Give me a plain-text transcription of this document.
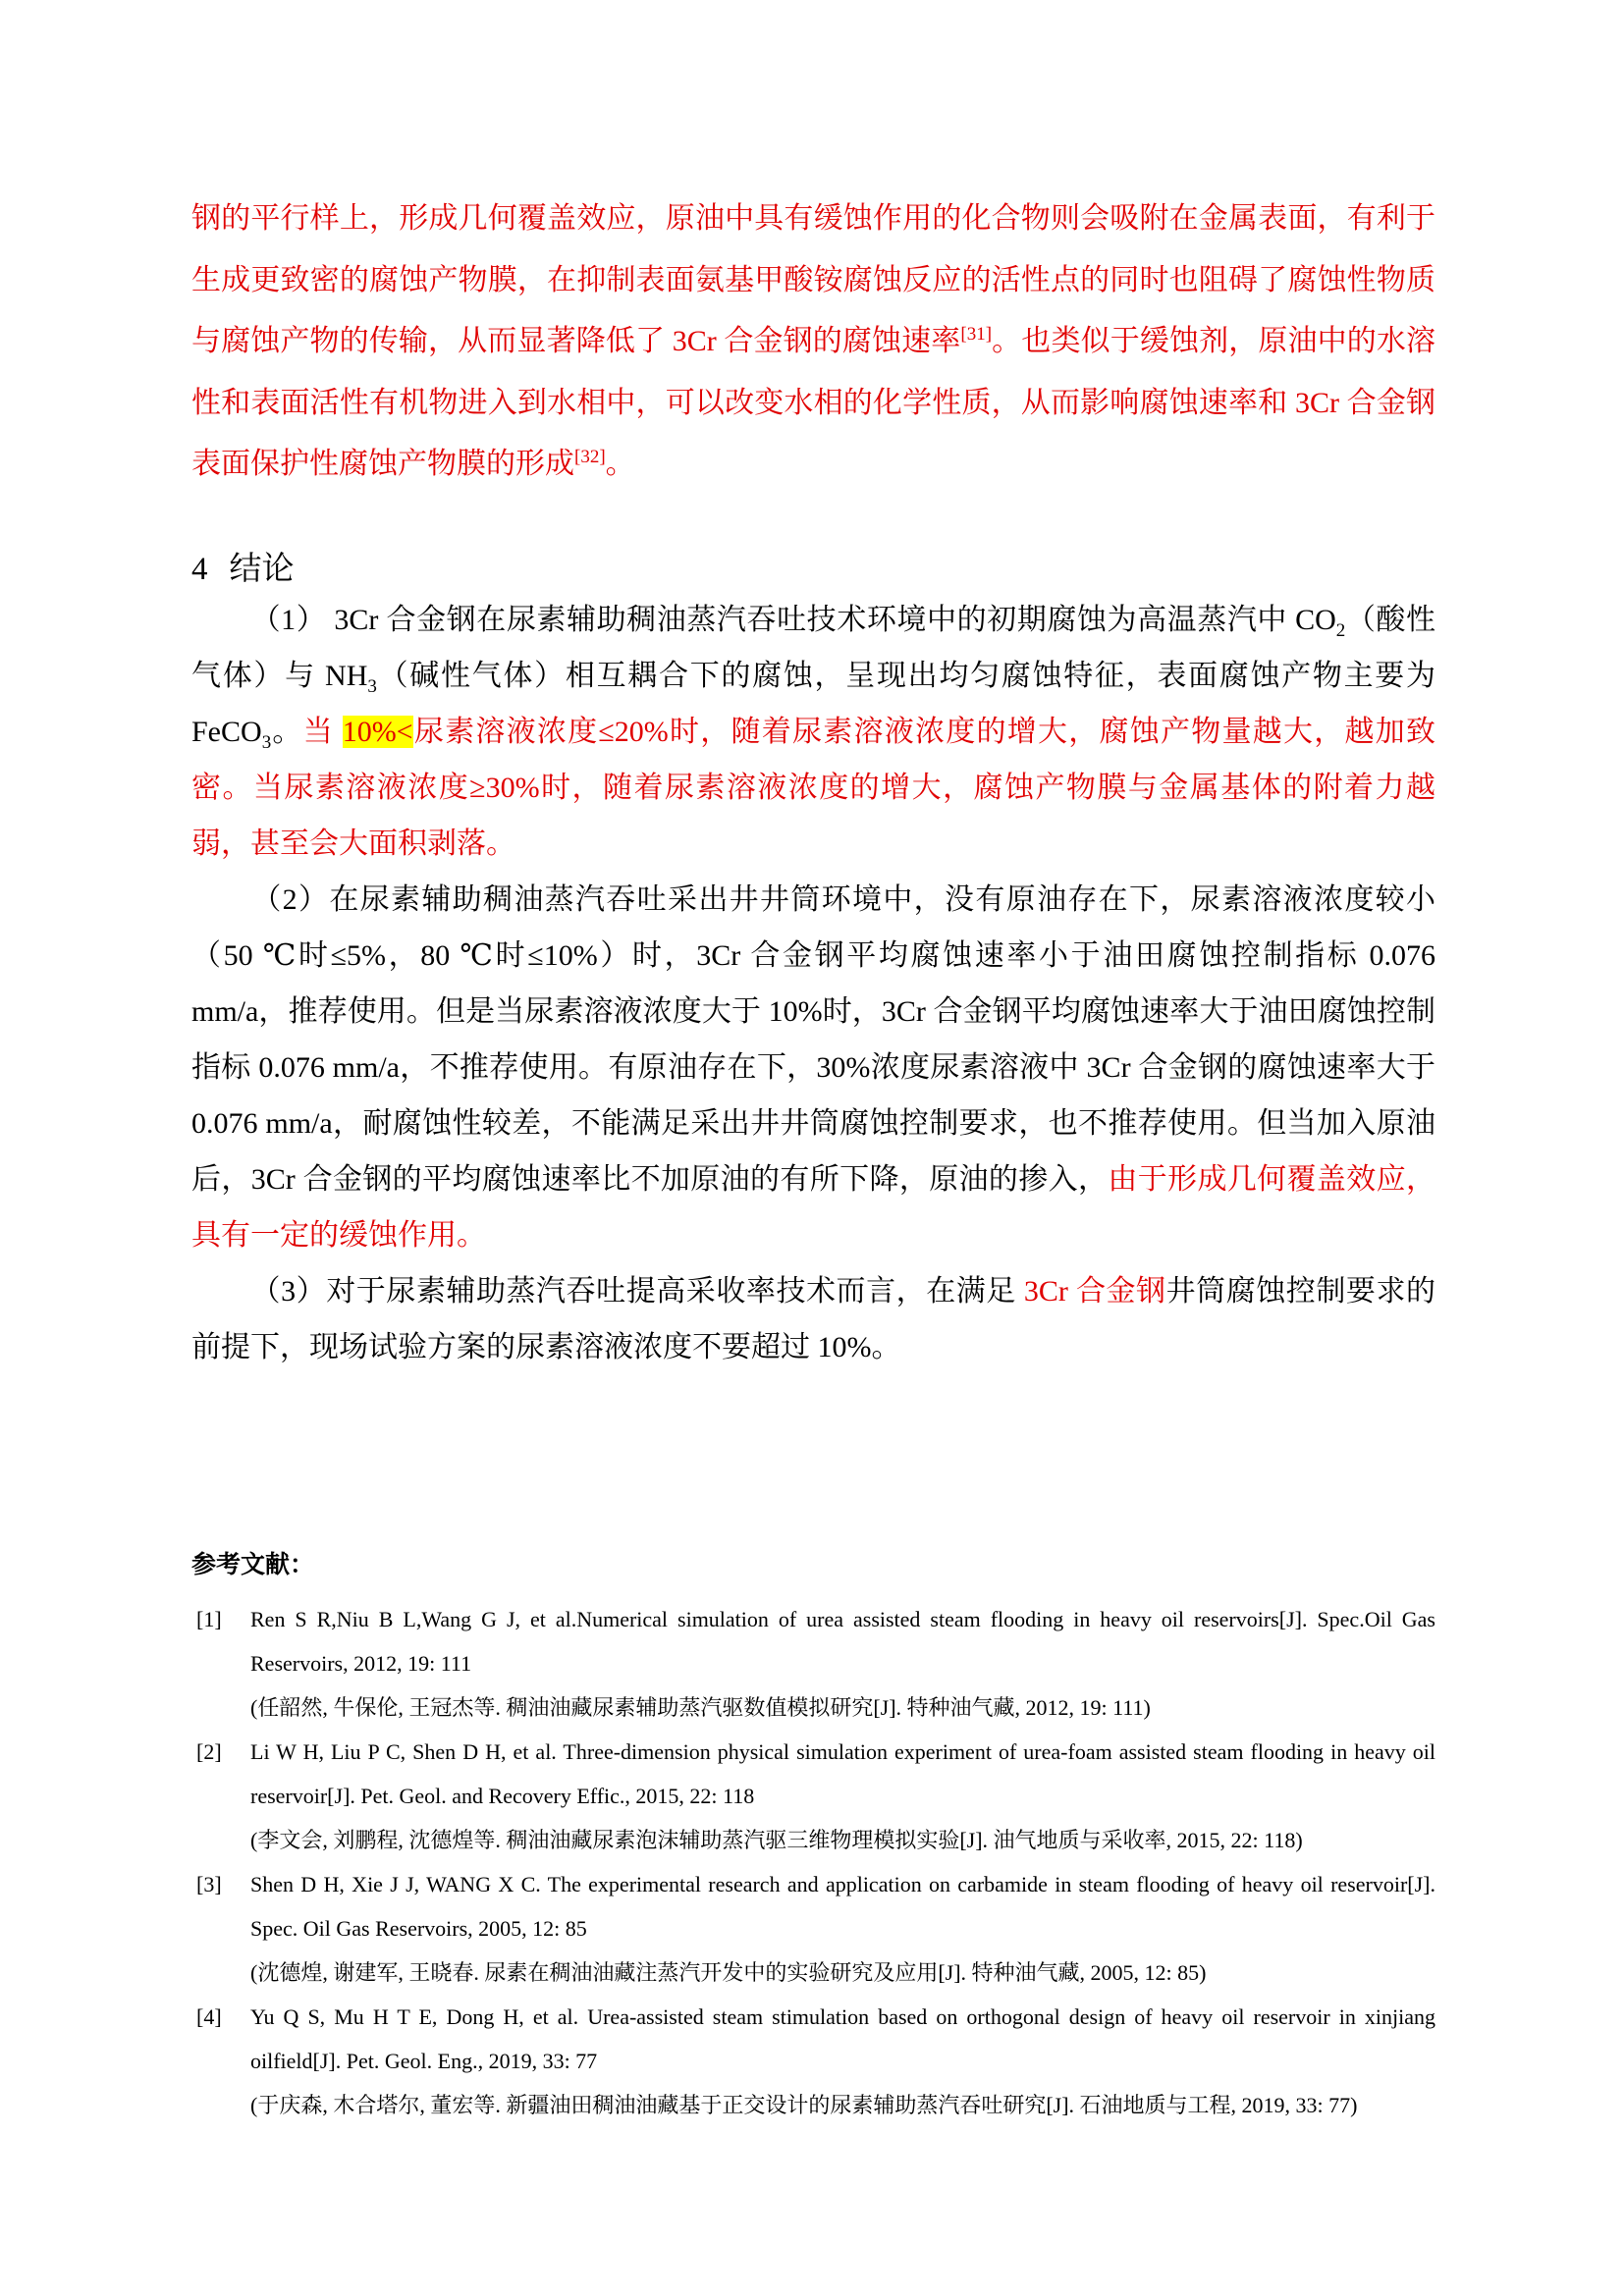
钢的平行样上，形成几何覆盖效应，原油中具有缓蚀作用的化合物则会吸附在金属表面，有利于生成更致密的腐蚀产物膜，在抑制表面氨基甲酸铵腐蚀反应的活性点的同时也阻碍了腐蚀性物质与腐蚀产物的传输，从而显著降低了 3Cr 合金钢的腐蚀速率[31]。也类似于缓蚀剂，原油中的水溶性和表面活性有机物进入到水相中，可以改变水相的化学性质，从而影响腐蚀速率和 3Cr 合金钢表面保护性腐蚀产物膜的形成[32]。

4 结论

（1） 3Cr 合金钢在尿素辅助稠油蒸汽吞吐技术环境中的初期腐蚀为高温蒸汽中 $CO_2$（酸性气体）与 $NH_3$（碱性气体）相互耦合下的腐蚀，呈现出均匀腐蚀特征，表面腐蚀产物主要为 FeCO$_3$。当 10%<尿素溶液浓度≤20%时，随着尿素溶液浓度的增大，腐蚀产物量越大，越加致密。当尿素溶液浓度≥30%时，随着尿素溶液浓度的增大，腐蚀产物膜与金属基体的附着力越弱，甚至会大面积剥落。

（2）在尿素辅助稠油蒸汽吞吐采出井井筒环境中，没有原油存在下，尿素溶液浓度较小（50 ℃时≤5%，80 ℃时≤10%）时，3Cr 合金钢平均腐蚀速率小于油田腐蚀控制指标 0.076 mm/a，推荐使用。但是当尿素溶液浓度大于 10%时，3Cr 合金钢平均腐蚀速率大于油田腐蚀控制指标 0.076 mm/a，不推荐使用。有原油存在下，30%浓度尿素溶液中 3Cr 合金钢的腐蚀速率大于 0.076 mm/a，耐腐蚀性较差，不能满足采出井井筒腐蚀控制要求，也不推荐使用。但当加入原油后，3Cr 合金钢的平均腐蚀速率比不加原油的有所下降，原油的掺入，由于形成几何覆盖效应，具有一定的缓蚀作用。

（3）对于尿素辅助蒸汽吞吐提高采收率技术而言，在满足 3Cr 合金钢井筒腐蚀控制要求的前提下，现场试验方案的尿素溶液浓度不要超过 10%。

参考文献：
[1] Ren S R,Niu B L,Wang G J, et al.Numerical simulation of urea assisted steam flooding in heavy oil reservoirs[J]. Spec.Oil Gas Reservoirs, 2012, 19: 111
(任韶然, 牛保伦, 王冠杰等. 稠油油藏尿素辅助蒸汽驱数值模拟研究[J]. 特种油气藏, 2012, 19: 111)
[2] Li W H, Liu P C, Shen D H, et al. Three-dimension physical simulation experiment of urea-foam assisted steam flooding in heavy oil reservoir[J]. Pet. Geol. and Recovery Effic., 2015, 22: 118
(李文会, 刘鹏程, 沈德煌等. 稠油油藏尿素泡沫辅助蒸汽驱三维物理模拟实验[J]. 油气地质与采收率, 2015, 22: 118)
[3] Shen D H, Xie J J, WANG X C. The experimental research and application on carbamide in steam flooding of heavy oil reservoir[J]. Spec. Oil Gas Reservoirs, 2005, 12: 85
(沈德煌, 谢建军, 王晓春. 尿素在稠油油藏注蒸汽开发中的实验研究及应用[J]. 特种油气藏, 2005, 12: 85)
[4] Yu Q S, Mu H T E, Dong H, et al. Urea-assisted steam stimulation based on orthogonal design of heavy oil reservoir in xinjiang oilfield[J]. Pet. Geol. Eng., 2019, 33: 77
(于庆森, 木合塔尔, 董宏等. 新疆油田稠油油藏基于正交设计的尿素辅助蒸汽吞吐研究[J]. 石油地质与工程, 2019, 33: 77)
